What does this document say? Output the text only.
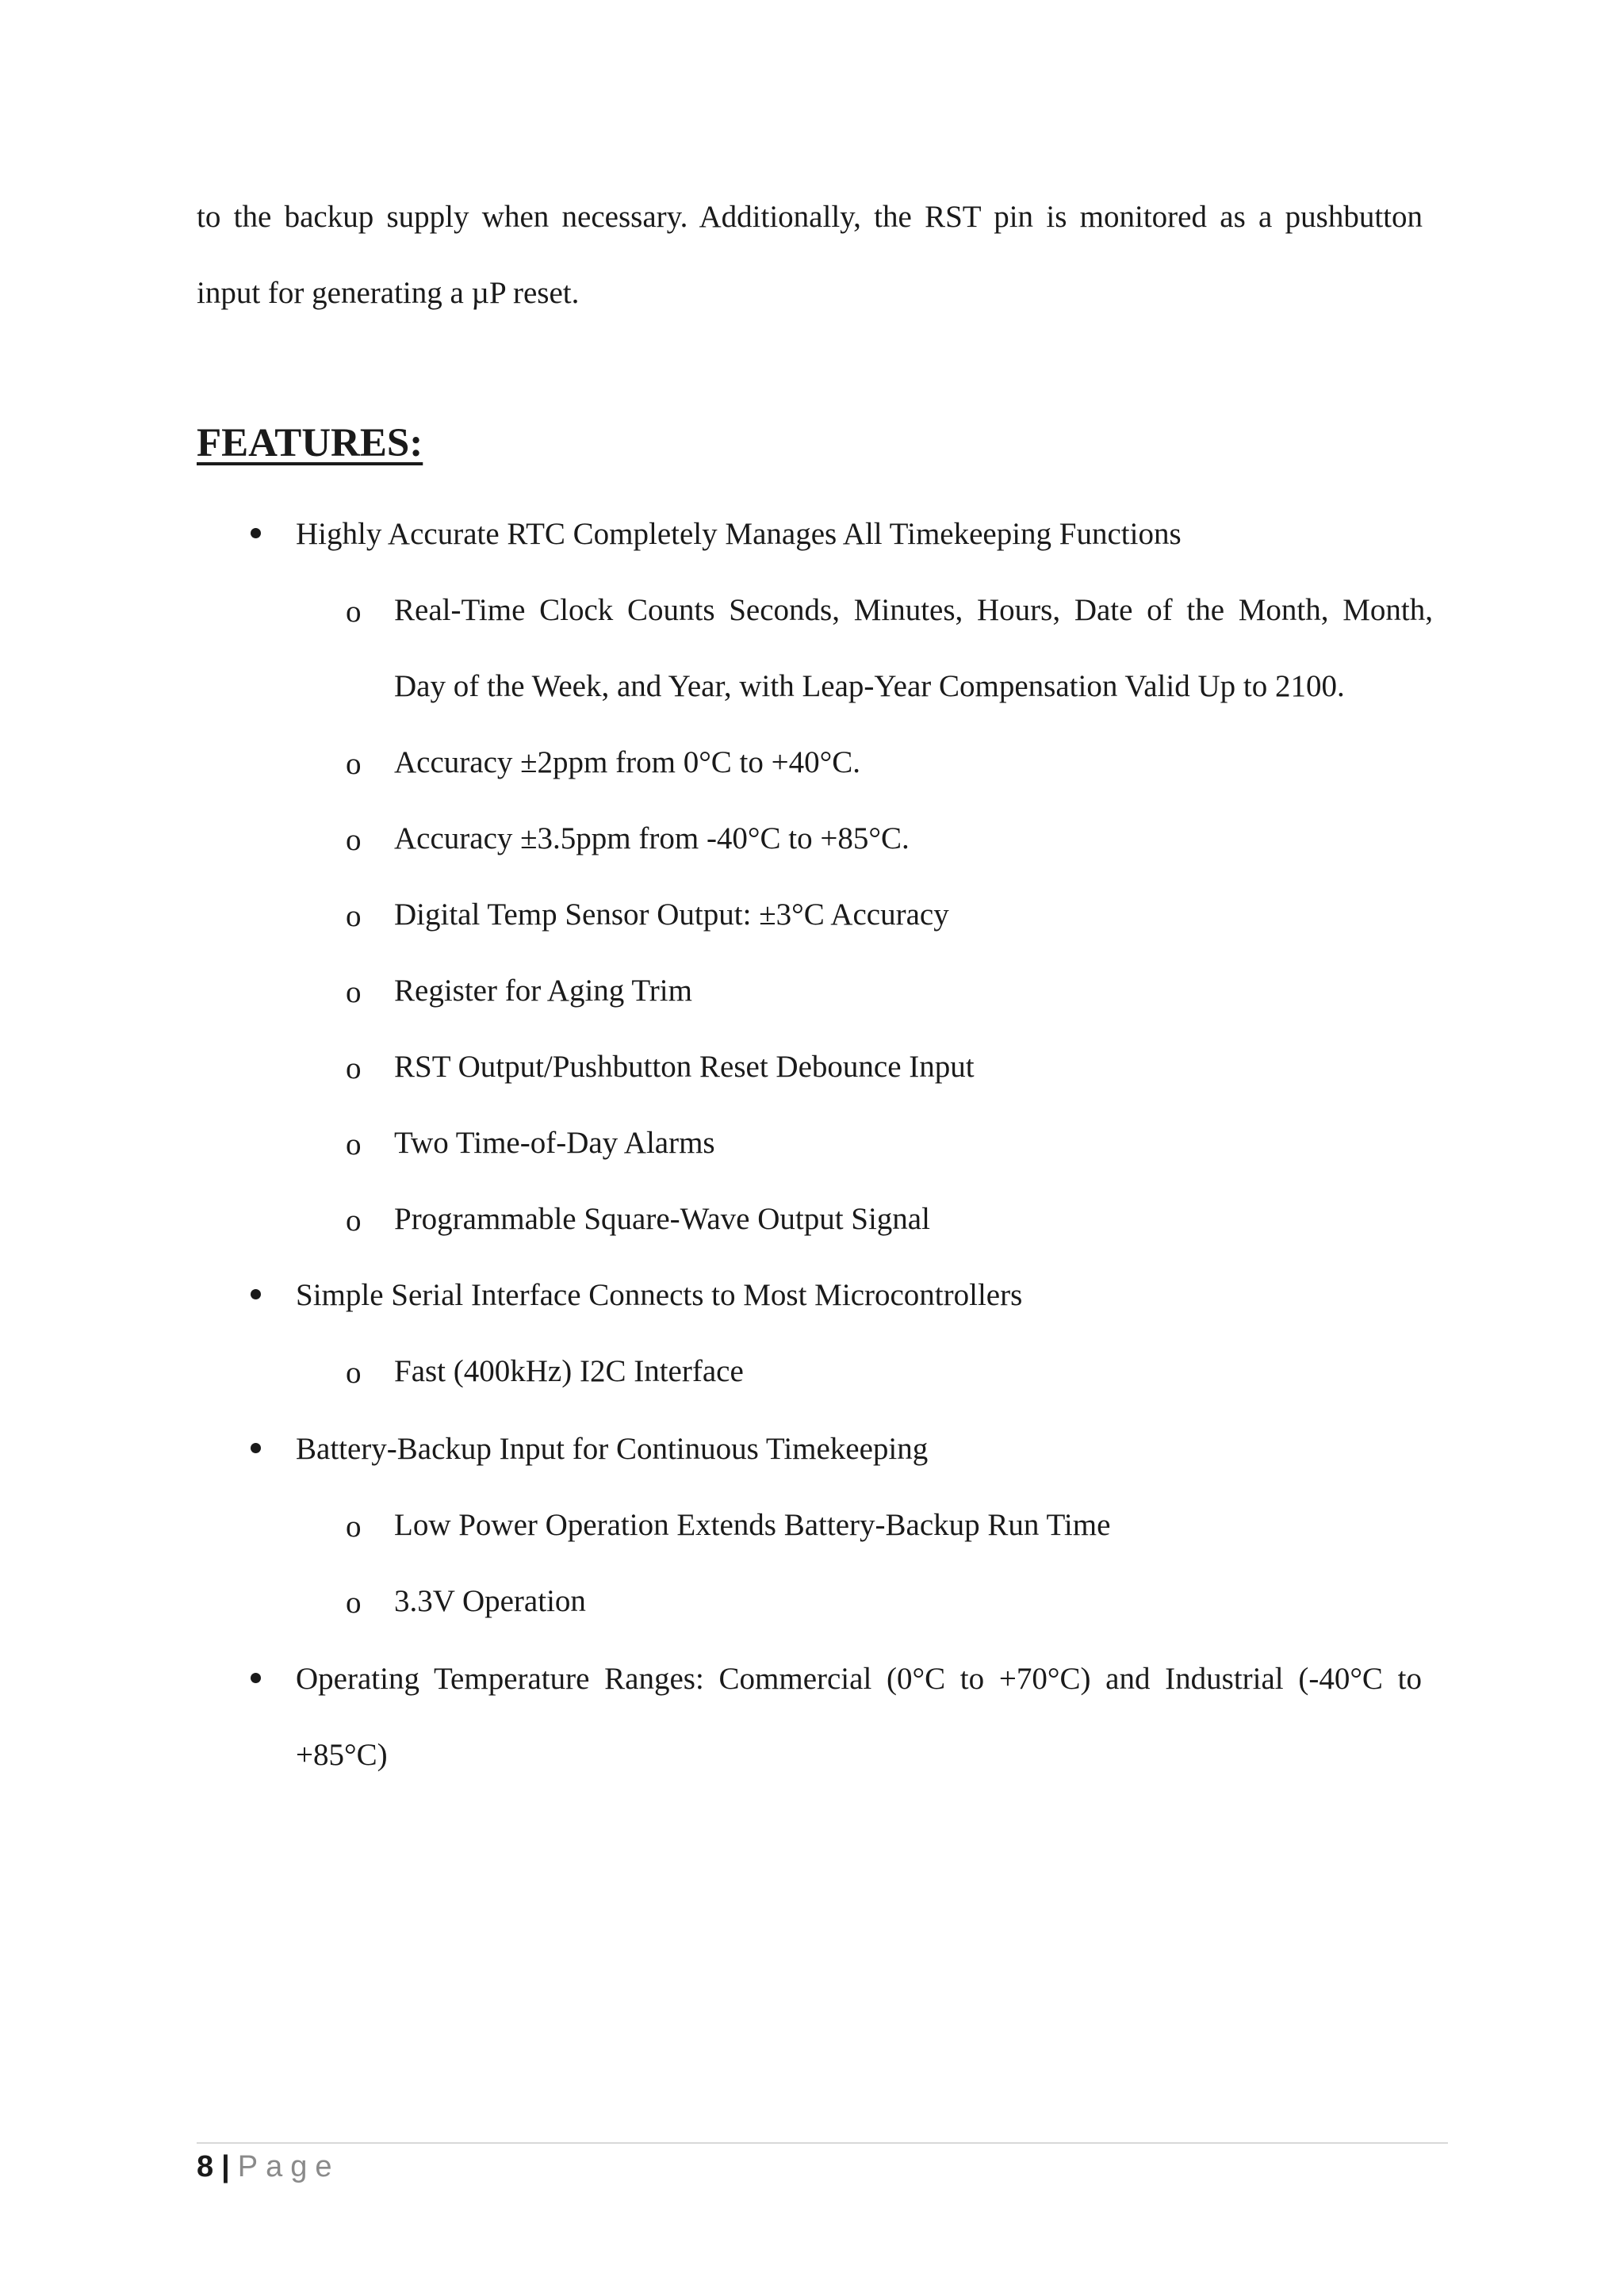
to the backup supply when necessary. Additionally, the RST pin is monitored as a pushbutton
input for generating a µP reset.
FEATURES:
Highly Accurate RTC Completely Manages All Timekeeping Functions
o Real-Time Clock Counts Seconds, Minutes, Hours, Date of the Month, Month,
Day of the Week, and Year, with Leap-Year Compensation Valid Up to 2100.
o Accuracy ±2ppm from 0°C to +40°C.
o Accuracy ±3.5ppm from -40°C to +85°C.
o Digital Temp Sensor Output: ±3°C Accuracy
o Register for Aging Trim
o RST Output/Pushbutton Reset Debounce Input
o Two Time-of-Day Alarms
o Programmable Square-Wave Output Signal
Simple Serial Interface Connects to Most Microcontrollers
o Fast (400kHz) I2C Interface
Battery-Backup Input for Continuous Timekeeping
o Low Power Operation Extends Battery-Backup Run Time
o 3.3V Operation
Operating Temperature Ranges: Commercial (0°C to +70°C) and Industrial (-40°C to
+85°C)
8 | Page
